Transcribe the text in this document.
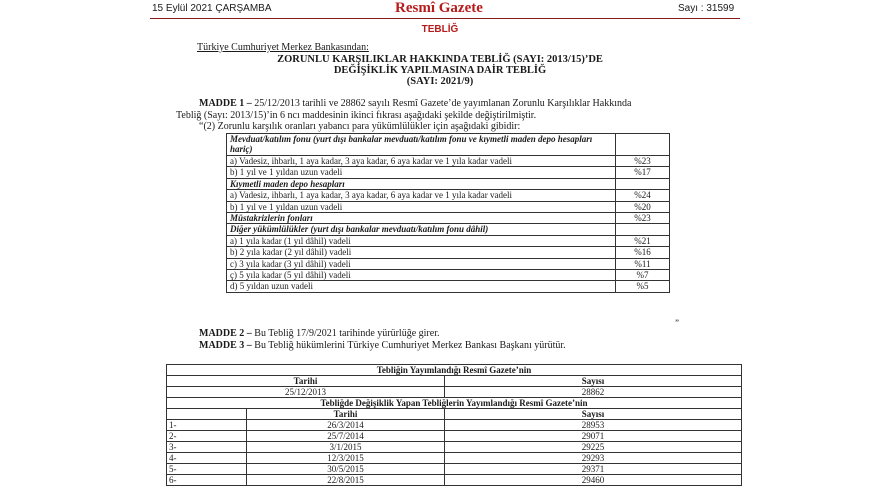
15 Eylül 2021 ÇARŞAMBA	Resmî Gazete	Sayı : 31599
TEBLİĞ
Türkiye Cumhuriyet Merkez Bankasından:
ZORUNLU KARŞILIKLAR HAKKINDA TEBLİĞ (SAYI: 2013/15)’DE
DEĞİŞİKLİK YAPILMASINA DAİR TEBLİĞ
(SAYI: 2021/9)
MADDE 1 – 25/12/2013 tarihli ve 28862 sayılı Resmî Gazete’de yayımlanan Zorunlu Karşılıklar Hakkında
Tebliğ (Sayı: 2013/15)’in 6 ncı maddesinin ikinci fıkrası aşağıdaki şekilde değiştirilmiştir.
“(2) Zorunlu karşılık oranları yabancı para yükümlülükler için aşağıdaki gibidir:
Mevduat/katılım fonu (yurt dışı bankalar mevduatı/katılım fonu ve kıymetli maden depo hesapları hariç)	
a) Vadesiz, ihbarlı, 1 aya kadar, 3 aya kadar, 6 aya kadar ve 1 yıla kadar vadeli	%23
b) 1 yıl ve 1 yıldan uzun vadeli	%17
Kıymetli maden depo hesapları	
a) Vadesiz, ihbarlı, 1 aya kadar, 3 aya kadar, 6 aya kadar ve 1 yıla kadar vadeli	%24
b) 1 yıl ve 1 yıldan uzun vadeli	%20
Müstakrizlerin fonları	%23
Diğer yükümlülükler (yurt dışı bankalar mevduatı/katılım fonu dâhil)	
a) 1 yıla kadar (1 yıl dâhil) vadeli	%21
b) 2 yıla kadar (2 yıl dâhil) vadeli	%16
c) 3 yıla kadar (3 yıl dâhil) vadeli	%11
ç) 5 yıla kadar (5 yıl dâhil) vadeli	%7
d) 5 yıldan uzun vadeli	%5
”
MADDE 2 – Bu Tebliğ 17/9/2021 tarihinde yürürlüğe girer.
MADDE 3 – Bu Tebliğ hükümlerini Türkiye Cumhuriyet Merkez Bankası Başkanı yürütür.
Tebliğin Yayımlandığı Resmî Gazete’nin		
Tarihi		Sayısı
25/12/2013		28862
Tebliğde Değişiklik Yapan Tebliğlerin Yayımlandığı Resmî Gazete’nin		
	Tarihi	Sayısı
1-	26/3/2014	28953
2-	25/7/2014	29071
3-	3/1/2015	29225
4-	12/3/2015	29293
5-	30/5/2015	29371
6-	22/8/2015	29460
